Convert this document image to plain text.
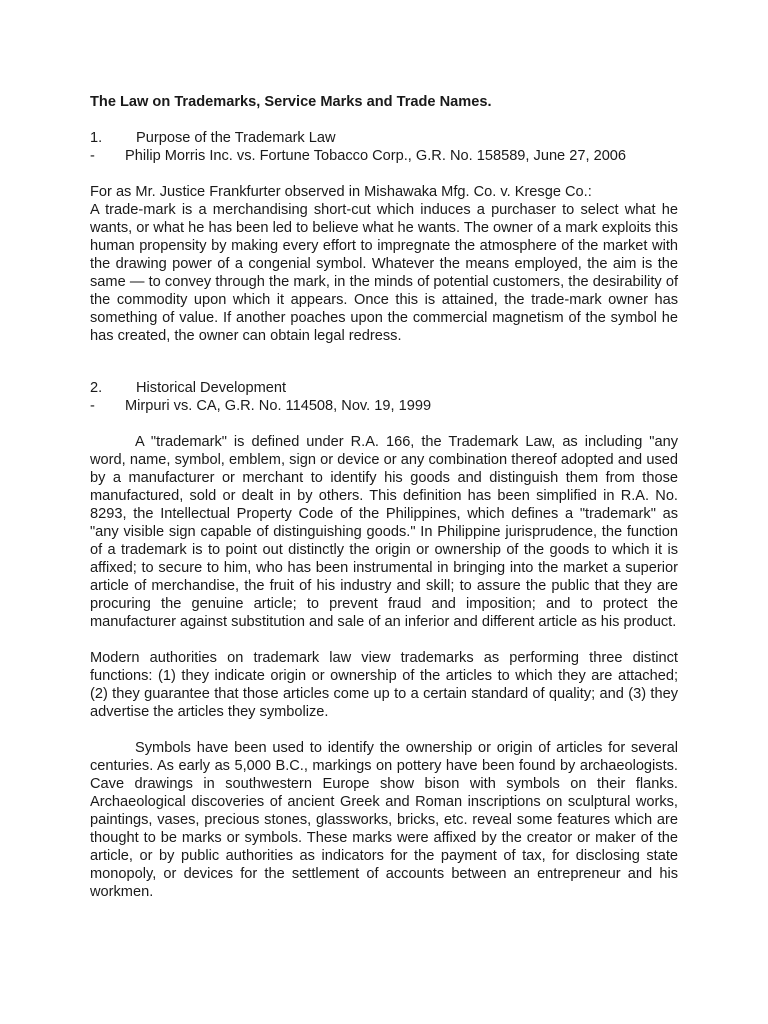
The Law on Trademarks, Service Marks and Trade Names.
1. Purpose of the Trademark Law
- Philip Morris Inc. vs. Fortune Tobacco Corp., G.R. No. 158589, June 27, 2006
For as Mr. Justice Frankfurter observed in Mishawaka Mfg. Co. v. Kresge Co.:

A trade-mark is a merchandising short-cut which induces a purchaser to select what he wants, or what he has been led to believe what he wants. The owner of a mark exploits this human propensity by making every effort to impregnate the atmosphere of the market with the drawing power of a congenial symbol. Whatever the means employed, the aim is the same — to convey through the mark, in the minds of potential customers, the desirability of the commodity upon which it appears. Once this is attained, the trade-mark owner has something of value. If another poaches upon the commercial magnetism of the symbol he has created, the owner can obtain legal redress.

2. Historical Development
- Mirpuri vs. CA, G.R. No. 114508, Nov. 19, 1999

A "trademark" is defined under R.A. 166, the Trademark Law, as including "any word, name, symbol, emblem, sign or device or any combination thereof adopted and used by a manufacturer or merchant to identify his goods and distinguish them from those manufactured, sold or dealt in by others. This definition has been simplified in R.A. No. 8293, the Intellectual Property Code of the Philippines, which defines a "trademark" as "any visible sign capable of distinguishing goods." In Philippine jurisprudence, the function of a trademark is to point out distinctly the origin or ownership of the goods to which it is affixed; to secure to him, who has been instrumental in bringing into the market a superior article of merchandise, the fruit of his industry and skill; to assure the public that they are procuring the genuine article; to prevent fraud and imposition; and to protect the manufacturer against substitution and sale of an inferior and different article as his product.

Modern authorities on trademark law view trademarks as performing three distinct functions: (1) they indicate origin or ownership of the articles to which they are attached; (2) they guarantee that those articles come up to a certain standard of quality; and (3) they advertise the articles they symbolize.

Symbols have been used to identify the ownership or origin of articles for several centuries. As early as 5,000 B.C., markings on pottery have been found by archaeologists. Cave drawings in southwestern Europe show bison with symbols on their flanks. Archaeological discoveries of ancient Greek and Roman inscriptions on sculptural works, paintings, vases, precious stones, glassworks, bricks, etc. reveal some features which are thought to be marks or symbols. These marks were affixed by the creator or maker of the article, or by public authorities as indicators for the payment of tax, for disclosing state monopoly, or devices for the settlement of accounts between an entrepreneur and his workmen.
